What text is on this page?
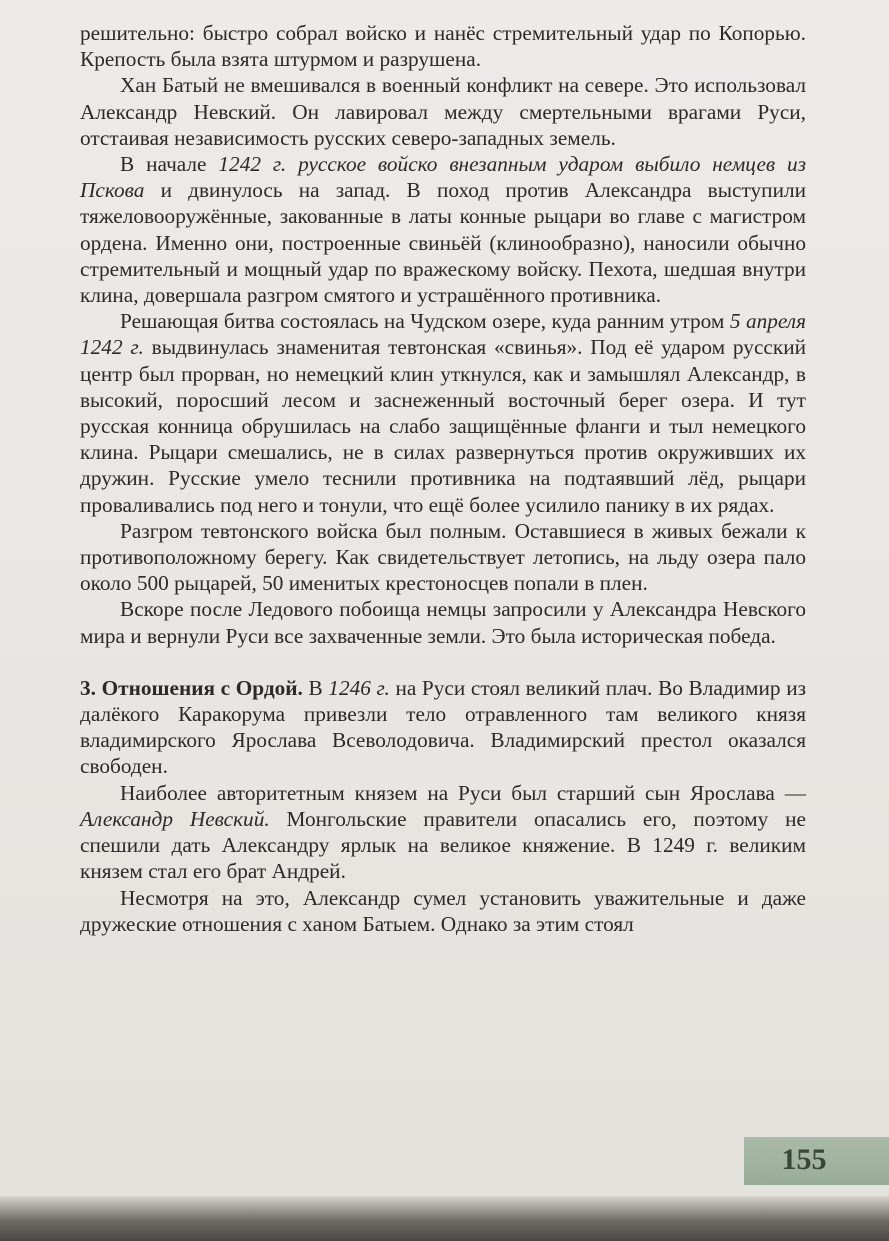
решительно: быстро собрал войско и нанёс стремительный удар по Копорью. Крепость была взята штурмом и разрушена.

Хан Батый не вмешивался в военный конфликт на севере. Это использовал Александр Невский. Он лавировал между смертельными врагами Руси, отстаивая независимость русских северо-западных земель.

В начале 1242 г. русское войско внезапным ударом выбило немцев из Пскова и двинулось на запад. В поход против Александра выступили тяжеловооружённые, закованные в латы конные рыцари во главе с магистром ордена. Именно они, построенные свиньёй (клинообразно), наносили обычно стремительный и мощный удар по вражескому войску. Пехота, шедшая внутри клина, довершала разгром смятого и устрашённого противника.

Решающая битва состоялась на Чудском озере, куда ранним утром 5 апреля 1242 г. выдвинулась знаменитая тевтонская «свинья». Под её ударом русский центр был прорван, но немецкий клин уткнулся, как и замышлял Александр, в высокий, поросший лесом и заснеженный восточный берег озера. И тут русская конница обрушилась на слабо защищённые фланги и тыл немецкого клина. Рыцари смешались, не в силах развернуться против окруживших их дружин. Русские умело теснили противника на подтаявший лёд, рыцари проваливались под него и тонули, что ещё более усилило панику в их рядах.

Разгром тевтонского войска был полным. Оставшиеся в живых бежали к противоположному берегу. Как свидетельствует летопись, на льду озера пало около 500 рыцарей, 50 именитых крестоносцев попали в плен.

Вскоре после Ледового побоища немцы запросили у Александра Невского мира и вернули Руси все захваченные земли. Это была историческая победа.

3. Отношения с Ордой. В 1246 г. на Руси стоял великий плач. Во Владимир из далёкого Каракорума привезли тело отравленного там великого князя владимирского Ярослава Всеволодовича. Владимирский престол оказался свободен.

Наиболее авторитетным князем на Руси был старший сын Ярослава — Александр Невский. Монгольские правители опасались его, поэтому не спешили дать Александру ярлык на великое княжение. В 1249 г. великим князем стал его брат Андрей.

Несмотря на это, Александр сумел установить уважительные и даже дружеские отношения с ханом Батыем. Однако за этим стоял

155
